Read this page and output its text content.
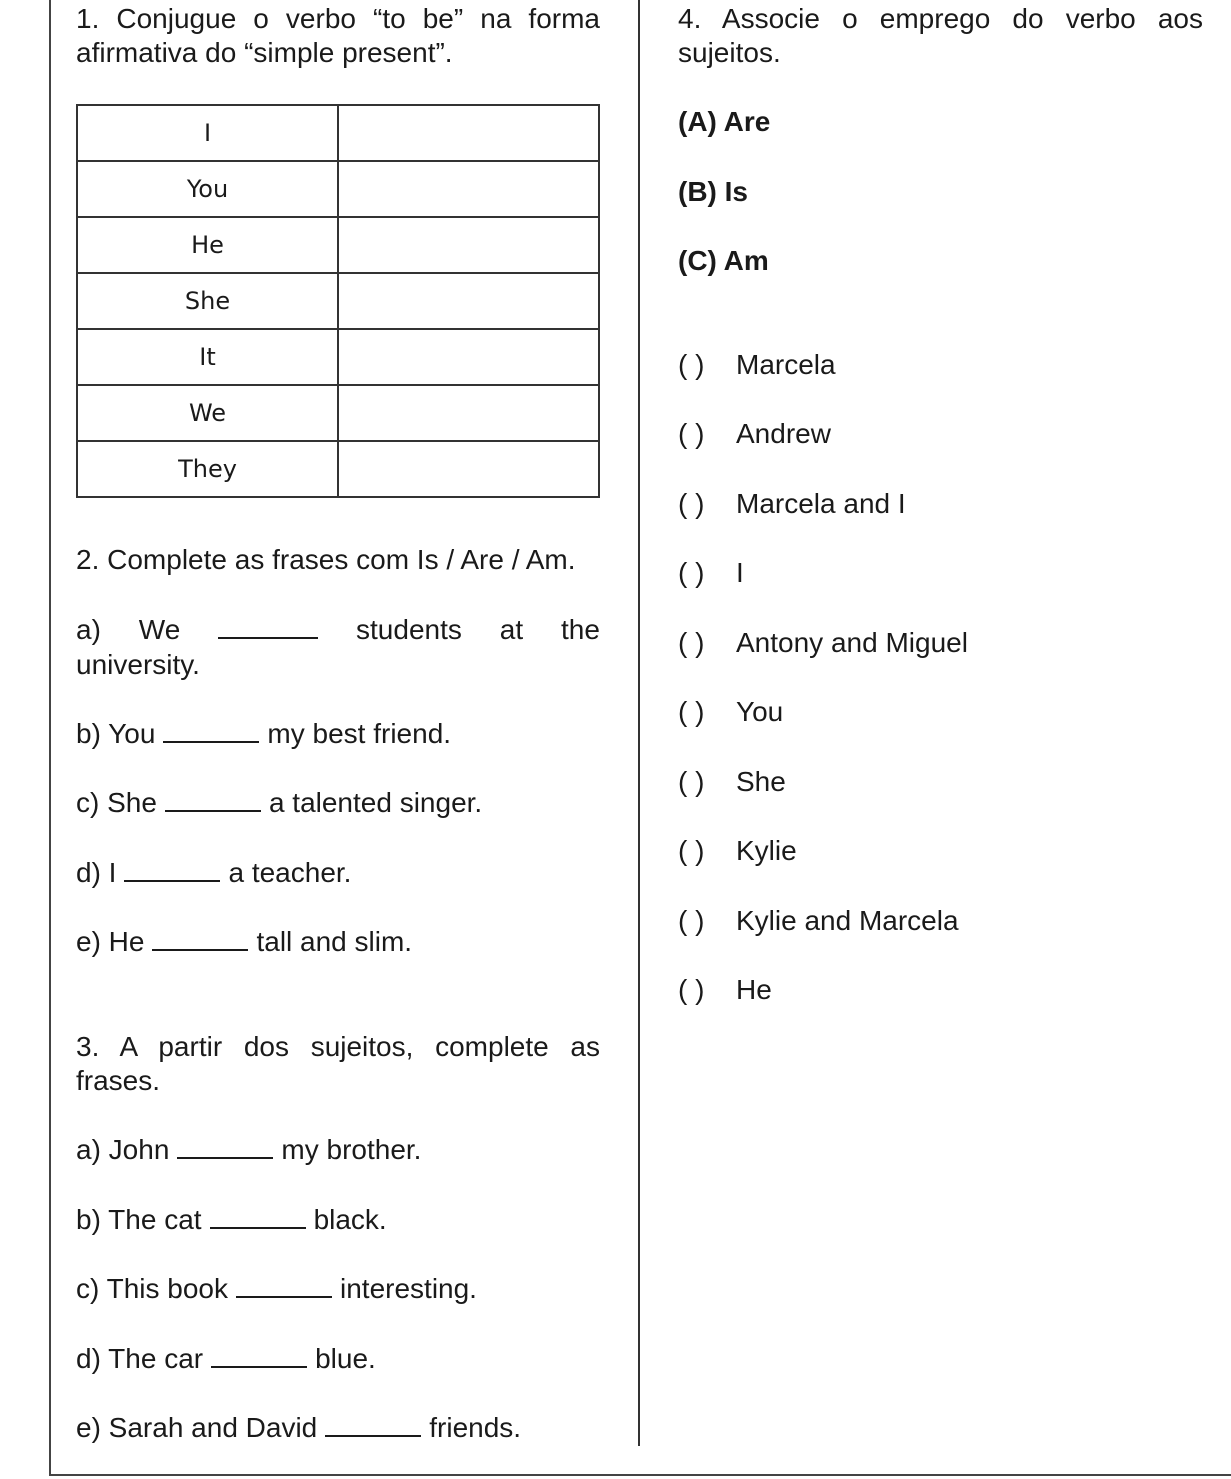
1. Conjugue o verbo “to be” na forma
afirmativa do “simple present”.
I	
You	
He	
She	
It	
We	
They	
2. Complete as frases com Is / Are / Am.
a) We	students at the
university.
b) You	my best friend.
c) She	a talented singer.
d) I	a teacher.
e) He	tall and slim.
3. A partir dos sujeitos, complete as
frases.
a) John	my brother.
b) The cat	black.
c) This book	interesting.
d) The car	blue.
e) Sarah and David	friends.
4. Associe o emprego do verbo aos
sujeitos.
(A) Are
(B) Is
(C) Am
( ) Marcela
( ) Andrew
( ) Marcela and I
( ) I
( ) Antony and Miguel
( ) You
( ) She
( ) Kylie
( ) Kylie and Marcela
( ) He
